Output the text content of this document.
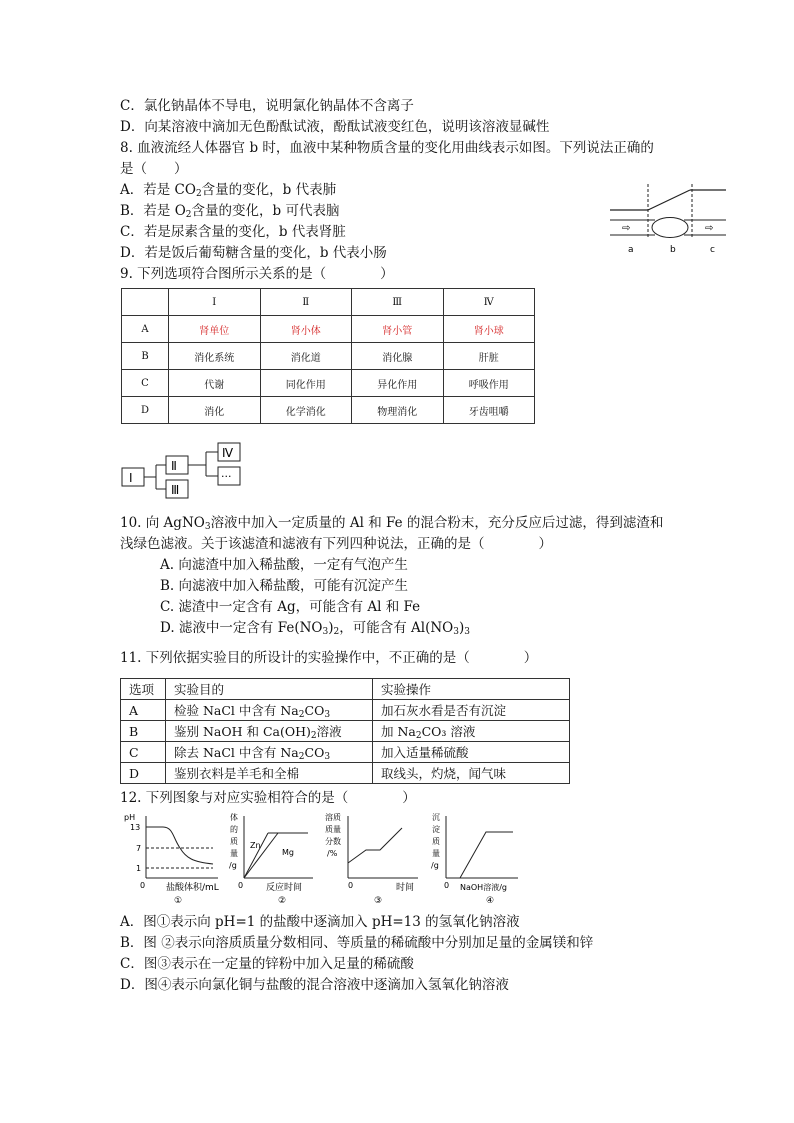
C．氯化钠晶体不导电，说明氯化钠晶体不含离子
D．向某溶液中滴加无色酚酞试液，酚酞试液变红色，说明该溶液显碱性
8. 血液流经人体器官 b 时，血液中某种物质含量的变化用曲线表示如图。下列说法正确的
是（　　）
A．若是 $CO_2$含量的变化，b 代表肺
B．若是 $O_2$含量的变化，b 可代表脑
C．若是尿素含量的变化，b 代表肾脏
D．若是饭后葡萄糖含量的变化，b 代表小肠
⇨	⇨
a	b	c
9. 下列选项符合图所示关系的是（　　　　）
	Ⅰ	Ⅱ	Ⅲ	Ⅳ
A	肾单位	肾小体	肾小管	肾小球
B	消化系统	消化道	消化腺	肝脏
C	代谢	同化作用	异化作用	呼吸作用
D	消化	化学消化	物理消化	牙齿咀嚼
Ⅰ
Ⅱ
Ⅲ
Ⅳ
···
10. 向 AgNO$_3$溶液中加入一定质量的 Al 和 Fe 的混合粉末，充分反应后过滤，得到滤渣和
浅绿色滤液。关于该滤渣和滤液有下列四种说法，正确的是（　　　　）
A. 向滤渣中加入稀盐酸，一定有气泡产生
B. 向滤液中加入稀盐酸，可能有沉淀产生
C. 滤渣中一定含有 Ag，可能含有 Al 和 Fe
D. 滤液中一定含有 $Fe(NO_3)_2$，可能含有 $Al(NO_3)_3$
11. 下列依据实验目的所设计的实验操作中，不正确的是（　　　　）
选项	实验目的	实验操作
A	检验 NaCl 中含有 $Na_2CO_3$	加石灰水看是否有沉淀
B	鉴别 NaOH 和 $Ca(OH)_2$溶液	加 $Na_2CO_3$ 溶液
C	除去 NaCl 中含有 $Na_2CO_3$	加入适量稀硫酸
D	鉴别衣料是羊毛和全棉	取线头，灼烧，闻气味
12. 下列图象与对应实验相符合的是（　　　　）
pH
13
7
1
0 盐酸体积/mL
①
体
的
质
量
/g
Zn
Mg
0	反应时间
②
溶质
质量
分数
/%
0	时间
③
沉
淀
质
量
/g
0 NaOH溶液/g
④
A．图①表示向 pH=1 的盐酸中逐滴加入 pH=13 的氢氧化钠溶液
B．图 ②表示向溶质质量分数相同、等质量的稀硫酸中分别加足量的金属镁和锌
C．图③表示在一定量的锌粉中加入足量的稀硫酸
D．图④表示向氯化铜与盐酸的混合溶液中逐滴加入氢氧化钠溶液
